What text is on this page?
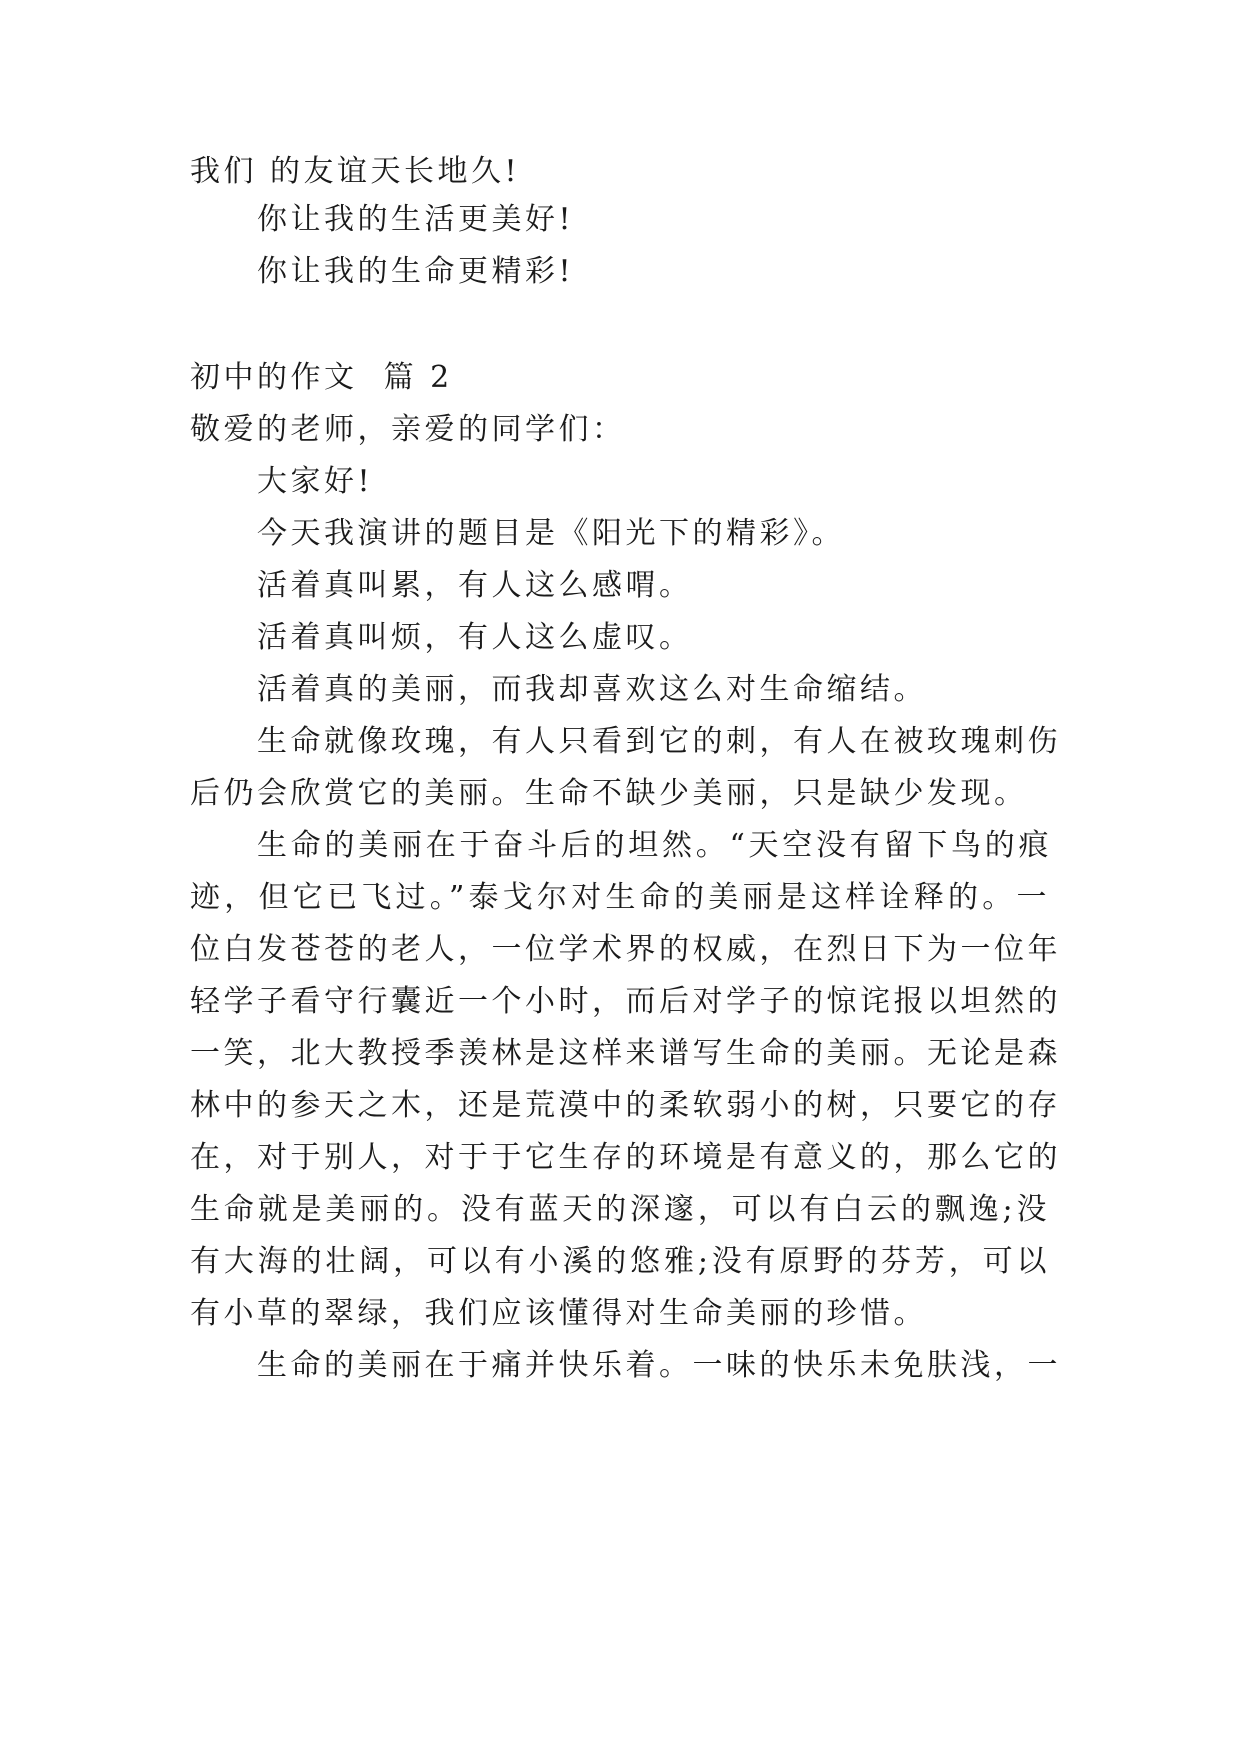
我们 的友谊天长地久!
你让我的生活更美好!
你让我的生命更精彩!
初中的作文  篇 2
敬爱的老师，亲爱的同学们：
大家好!
今天我演讲的题目是《阳光下的精彩》。
活着真叫累，有人这么感喟。
活着真叫烦，有人这么虚叹。
活着真的美丽，而我却喜欢这么对生命缩结。
生命就像玫瑰，有人只看到它的刺，有人在被玫瑰刺伤
后仍会欣赏它的美丽。生命不缺少美丽，只是缺少发现。
生命的美丽在于奋斗后的坦然。“天空没有留下鸟的痕
迹，但它已飞过。”泰戈尔对生命的美丽是这样诠释的。一
位白发苍苍的老人，一位学术界的权威，在烈日下为一位年
轻学子看守行囊近一个小时，而后对学子的惊诧报以坦然的
一笑，北大教授季羡林是这样来谱写生命的美丽。无论是森
林中的参天之木，还是荒漠中的柔软弱小的树，只要它的存
在，对于别人，对于于它生存的环境是有意义的，那么它的
生命就是美丽的。没有蓝天的深邃，可以有白云的飘逸;没
有大海的壮阔，可以有小溪的悠雅;没有原野的芬芳，可以
有小草的翠绿，我们应该懂得对生命美丽的珍惜。
生命的美丽在于痛并快乐着。一味的快乐未免肤浅，一
